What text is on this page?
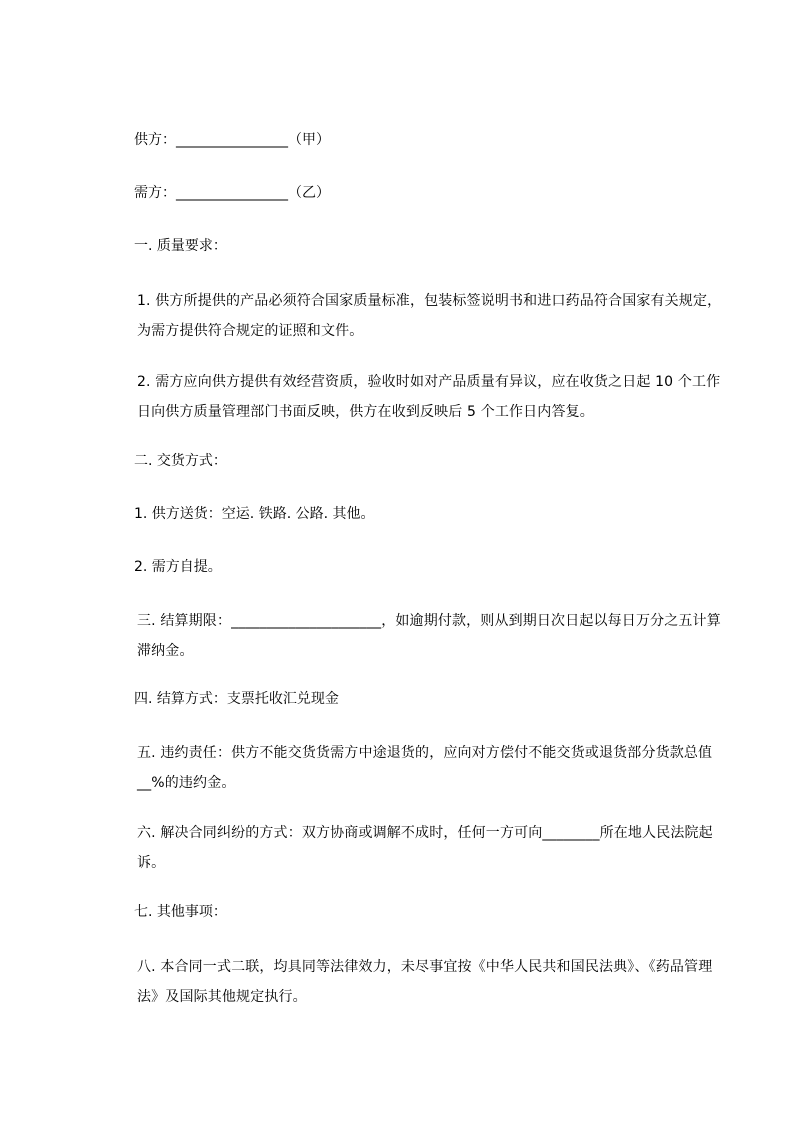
供方：________________（甲）

需方：________________（乙）

一. 质量要求：

1. 供方所提供的产品必须符合国家质量标准，包装标签说明书和进口药品符合国家有关规定，为需方提供符合规定的证照和文件。

2. 需方应向供方提供有效经营资质，验收时如对产品质量有异议，应在收货之日起 10 个工作日向供方质量管理部门书面反映，供方在收到反映后 5 个工作日内答复。

二. 交货方式：

1. 供方送货：空运. 铁路. 公路. 其他。

2. 需方自提。

三. 结算期限：_____________________，如逾期付款，则从到期日次日起以每日万分之五计算滞纳金。

四. 结算方式：支票托收汇兑现金

五. 违约责任：供方不能交货货需方中途退货的，应向对方偿付不能交货或退货部分货款总值__%的违约金。

六. 解决合同纠纷的方式：双方协商或调解不成时，任何一方可向________所在地人民法院起诉。

七. 其他事项：

八. 本合同一式二联，均具同等法律效力，未尽事宜按《中华人民共和国民法典》、《药品管理法》及国际其他规定执行。
